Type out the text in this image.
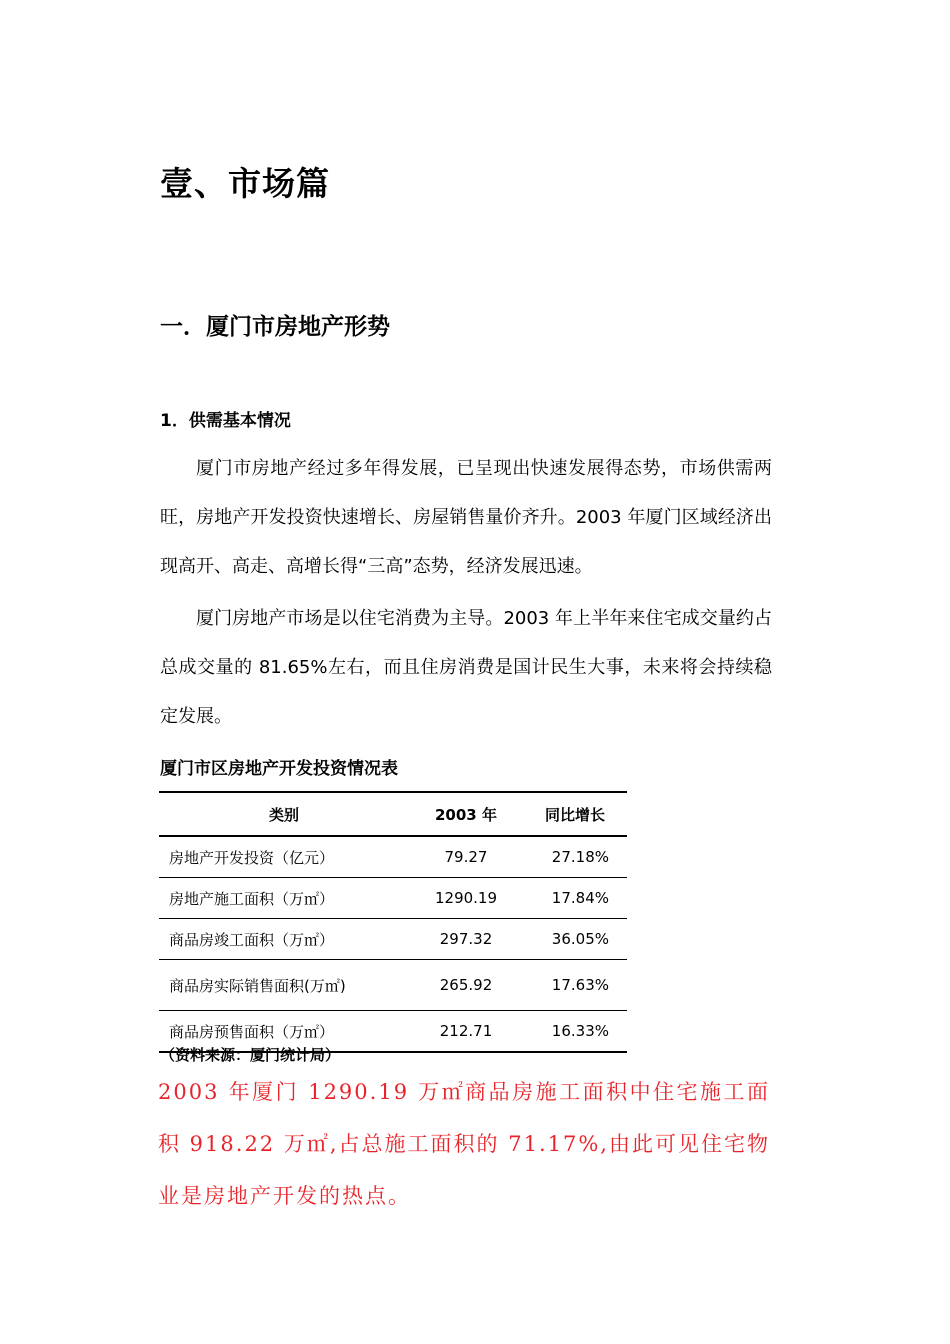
壹、市场篇
一．厦门市房地产形势
1．供需基本情况

厦门市房地产经过多年得发展，已呈现出快速发展得态势，市场供需两旺，房地产开发投资快速增长、房屋销售量价齐升。2003 年厦门区域经济出现高开、高走、高增长得“三高”态势，经济发展迅速。

厦门房地产市场是以住宅消费为主导。2003 年上半年来住宅成交量约占总成交量的 81.65%左右，而且住房消费是国计民生大事，未来将会持续稳定发展。

厦门市区房地产开发投资情况表
类别	2003 年	同比增长
房地产开发投资（亿元）	79.27	27.18%
房地产施工面积（万㎡）	1290.19	17.84%
商品房竣工面积（万㎡）	297.32	36.05%
商品房实际销售面积(万㎡)	265.92	17.63%
商品房预售面积（万㎡）	212.71	16.33%
（资料来源：厦门统计局）

2003 年厦门 1290.19 万㎡商品房施工面积中住宅施工面积 918.22 万㎡,占总施工面积的 71.17%,由此可见住宅物业是房地产开发的热点。
